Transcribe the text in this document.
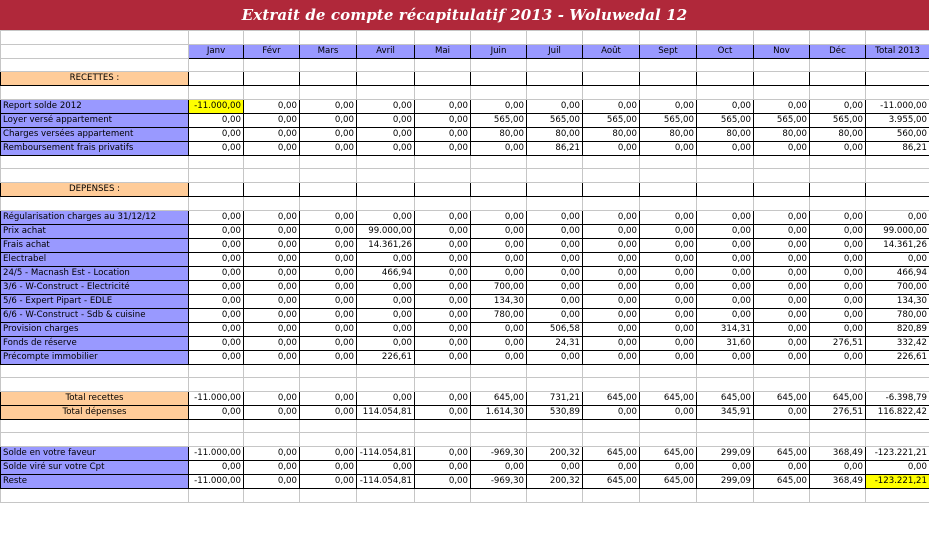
Extrait de compte récapitulatif 2013 - Woluwedal 12

	Janv	Févr	Mars	Avril	Mai	Juin	Juil	Août	Sept	Oct	Nov	Déc	Total 2013

RECETTES :													

Report solde 2012	-11.000,00	0,00	0,00	0,00	0,00	0,00	0,00	0,00	0,00	0,00	0,00	0,00	-11.000,00
Loyer versé appartement	0,00	0,00	0,00	0,00	0,00	565,00	565,00	565,00	565,00	565,00	565,00	565,00	3.955,00
Charges versées appartement	0,00	0,00	0,00	0,00	0,00	80,00	80,00	80,00	80,00	80,00	80,00	80,00	560,00
Remboursement frais privatifs	0,00	0,00	0,00	0,00	0,00	0,00	86,21	0,00	0,00	0,00	0,00	0,00	86,21

DEPENSES :													

Régularisation charges au 31/12/12	0,00	0,00	0,00	0,00	0,00	0,00	0,00	0,00	0,00	0,00	0,00	0,00	0,00
Prix achat	0,00	0,00	0,00	99.000,00	0,00	0,00	0,00	0,00	0,00	0,00	0,00	0,00	99.000,00
Frais achat	0,00	0,00	0,00	14.361,26	0,00	0,00	0,00	0,00	0,00	0,00	0,00	0,00	14.361,26
Electrabel	0,00	0,00	0,00	0,00	0,00	0,00	0,00	0,00	0,00	0,00	0,00	0,00	0,00
24/5 - Macnash Est - Location	0,00	0,00	0,00	466,94	0,00	0,00	0,00	0,00	0,00	0,00	0,00	0,00	466,94
3/6 - W-Construct - Electricité	0,00	0,00	0,00	0,00	0,00	700,00	0,00	0,00	0,00	0,00	0,00	0,00	700,00
5/6 - Expert Pipart - EDLE	0,00	0,00	0,00	0,00	0,00	134,30	0,00	0,00	0,00	0,00	0,00	0,00	134,30
6/6 - W-Construct - Sdb & cuisine	0,00	0,00	0,00	0,00	0,00	780,00	0,00	0,00	0,00	0,00	0,00	0,00	780,00
Provision charges	0,00	0,00	0,00	0,00	0,00	0,00	506,58	0,00	0,00	314,31	0,00	0,00	820,89
Fonds de réserve	0,00	0,00	0,00	0,00	0,00	0,00	24,31	0,00	0,00	31,60	0,00	276,51	332,42
Précompte immobilier	0,00	0,00	0,00	226,61	0,00	0,00	0,00	0,00	0,00	0,00	0,00	0,00	226,61

Total recettes	-11.000,00	0,00	0,00	0,00	0,00	645,00	731,21	645,00	645,00	645,00	645,00	645,00	-6.398,79
Total dépenses	0,00	0,00	0,00	114.054,81	0,00	1.614,30	530,89	0,00	0,00	345,91	0,00	276,51	116.822,42

Solde en votre faveur	-11.000,00	0,00	0,00	-114.054,81	0,00	-969,30	200,32	645,00	645,00	299,09	645,00	368,49	-123.221,21
Solde viré sur votre Cpt	0,00	0,00	0,00	0,00	0,00	0,00	0,00	0,00	0,00	0,00	0,00	0,00	0,00
Reste	-11.000,00	0,00	0,00	-114.054,81	0,00	-969,30	200,32	645,00	645,00	299,09	645,00	368,49	-123.221,21
